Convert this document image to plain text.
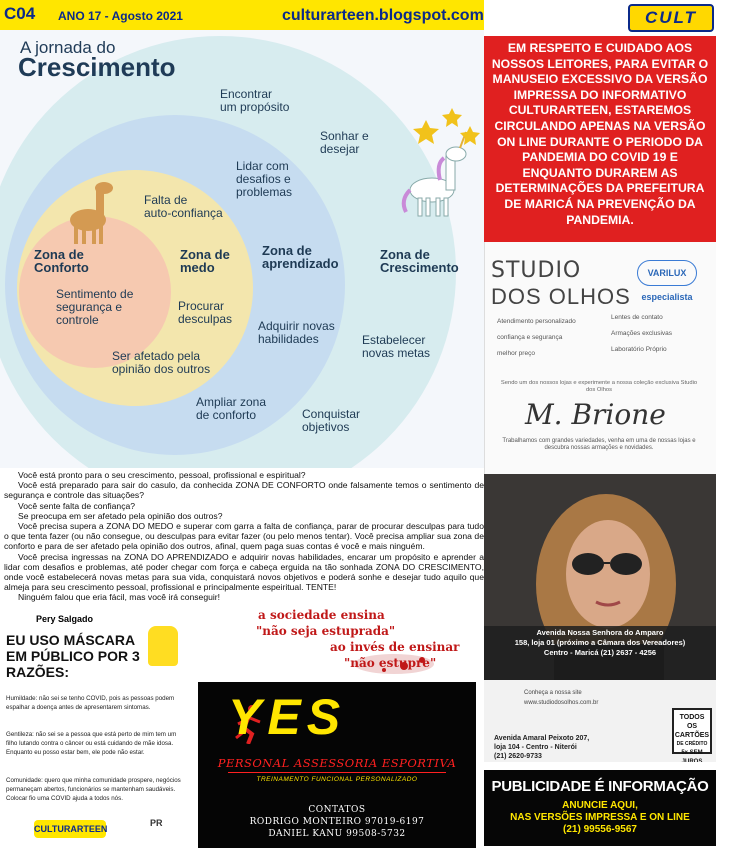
C04 ANO 17 - Agosto 2021	culturarteen.blogspot.com	CULT
A jornada do
Crescimento
Zona de
Conforto
Zona de
medo
Zona de
aprendizado
Zona de
Crescimento
Encontrar
um propósito
Sonhar e
desejar
Lidar com
desafios e
problemas
Falta de
auto-confiança
Sentimento de
segurança e
controle
Procurar
desculpas Adquirir novas
habilidades	Estabelecer
novas metas
Ser afetado pela
opinião dos outros
Ampliar zona
de conforto	Conquistar
objetivos
EM RESPEITO E CUIDADO AOS NOSSOS LEITORES, PARA EVITAR O MANUSEIO EXCESSIVO DA VERSÃO IMPRESSA DO INFORMATIVO CULTURARTEEN, ESTAREMOS CIRCULANDO APENAS NA VERSÃO ON LINE DURANTE O PERIODO DA PANDEMIA DO COVID 19 E ENQUANTO DURAREM AS DETERMINAÇÕES DA PREFEITURA DE MARICÁ NA PREVENÇÃO DA PANDEMIA.
STUDIO
DOS OLHOS
VARILUX especialista
Atendimento personalizado
confiança e segurança
melhor preço
Lentes de contato
Armações exclusivas
Laboratório Próprio
Sendo um dos nossos lojas e experimente a nossa coleção exclusiva Studio dos Olhos
M. Brione
Trabalhamos com grandes variedades, venha em uma de nossas lojas e descubra nossas armações e novidades.
Avenida Nossa Senhora do Amparo
158, loja 01 (próximo a Câmara dos Vereadores)
Centro - Maricá (21) 2637 - 4256
Conheça a nossa site
www.studiodosolhos.com.br
Avenida Amaral Peixoto 207,
loja 104 - Centro - Niterói
(21) 2620-9733
TODOS OS
CARTÕES
DE CRÉDITO
5x SEM JUROS
PUBLICIDADE É INFORMAÇÃO
ANUNCIE AQUI,
NAS VERSÕES IMPRESSA E ON LINE
(21) 99556-9567

Você está pronto para o seu crescimento, pessoal, profissional e espiritual?

Você está preparado para sair do casulo, da conhecida ZONA DE CONFORTO onde falsamente temos o sentimento de segurança e controle das situações?

Você sente falta de confiança?

Se preocupa em ser afetado pela opinião dos outros?

Você precisa supera a ZONA DO MEDO e superar com garra a falta de confiança, parar de procurar desculpas para tudo o que tenta fazer (ou não consegue, ou desculpas para evitar fazer (ou pelo menos tentar). Você precisa ampliar sua zona de conforto e para de ser afetado pela opinião dos outros, afinal, quem paga suas contas é você e mais ninguém.

Você precisa ingressas na ZONA DO APRENDIZADO e adquirir novas habilidades, encarar um propósito e aprender a lidar com desafios e problemas, até poder chegar com força e cabeça erguida na tão sonhada ZONA DO CRESCIMENTO, onde você estabelecerá novas metas para sua vida, conquistará novos objetivos e poderá sonhe e desejar tudo aquilo que almeja para seu crescimento pessoal, profissional e principalmente espeiritual. TENTE!

Ninguém falou que eria fácil, mas você irá conseguir!

Pery Salgado	a sociedade ensina
"não seja estuprada"
ao invés de ensinar
"não estupre"
EU USO MÁSCARA
EM PÚBLICO POR 3
RAZÕES:
Humildade: não sei se tenho COVID, pois as pessoas podem espalhar a doença antes de apresentarem sintomas.
Gentileza: não sei se a pessoa que está perto de mim tem um filho lutando contra o câncer ou está cuidando de mãe idosa. Enquanto eu posso estar bem, ele pode não estar.
Comunidade: quero que minha comunidade prospere, negócios permaneçam abertos, funcionários se mantenham saudáveis. Colocar fio uma COVID ajuda a todos nós.
CULTURARTEEN
PR
YES
PERSONAL ASSESSORIA ESPORTIVA
TREINAMENTO FUNCIONAL PERSONALIZADO
CONTATOS
RODRIGO MONTEIRO 97019-6197
DANIEL KANU 99508-5732
